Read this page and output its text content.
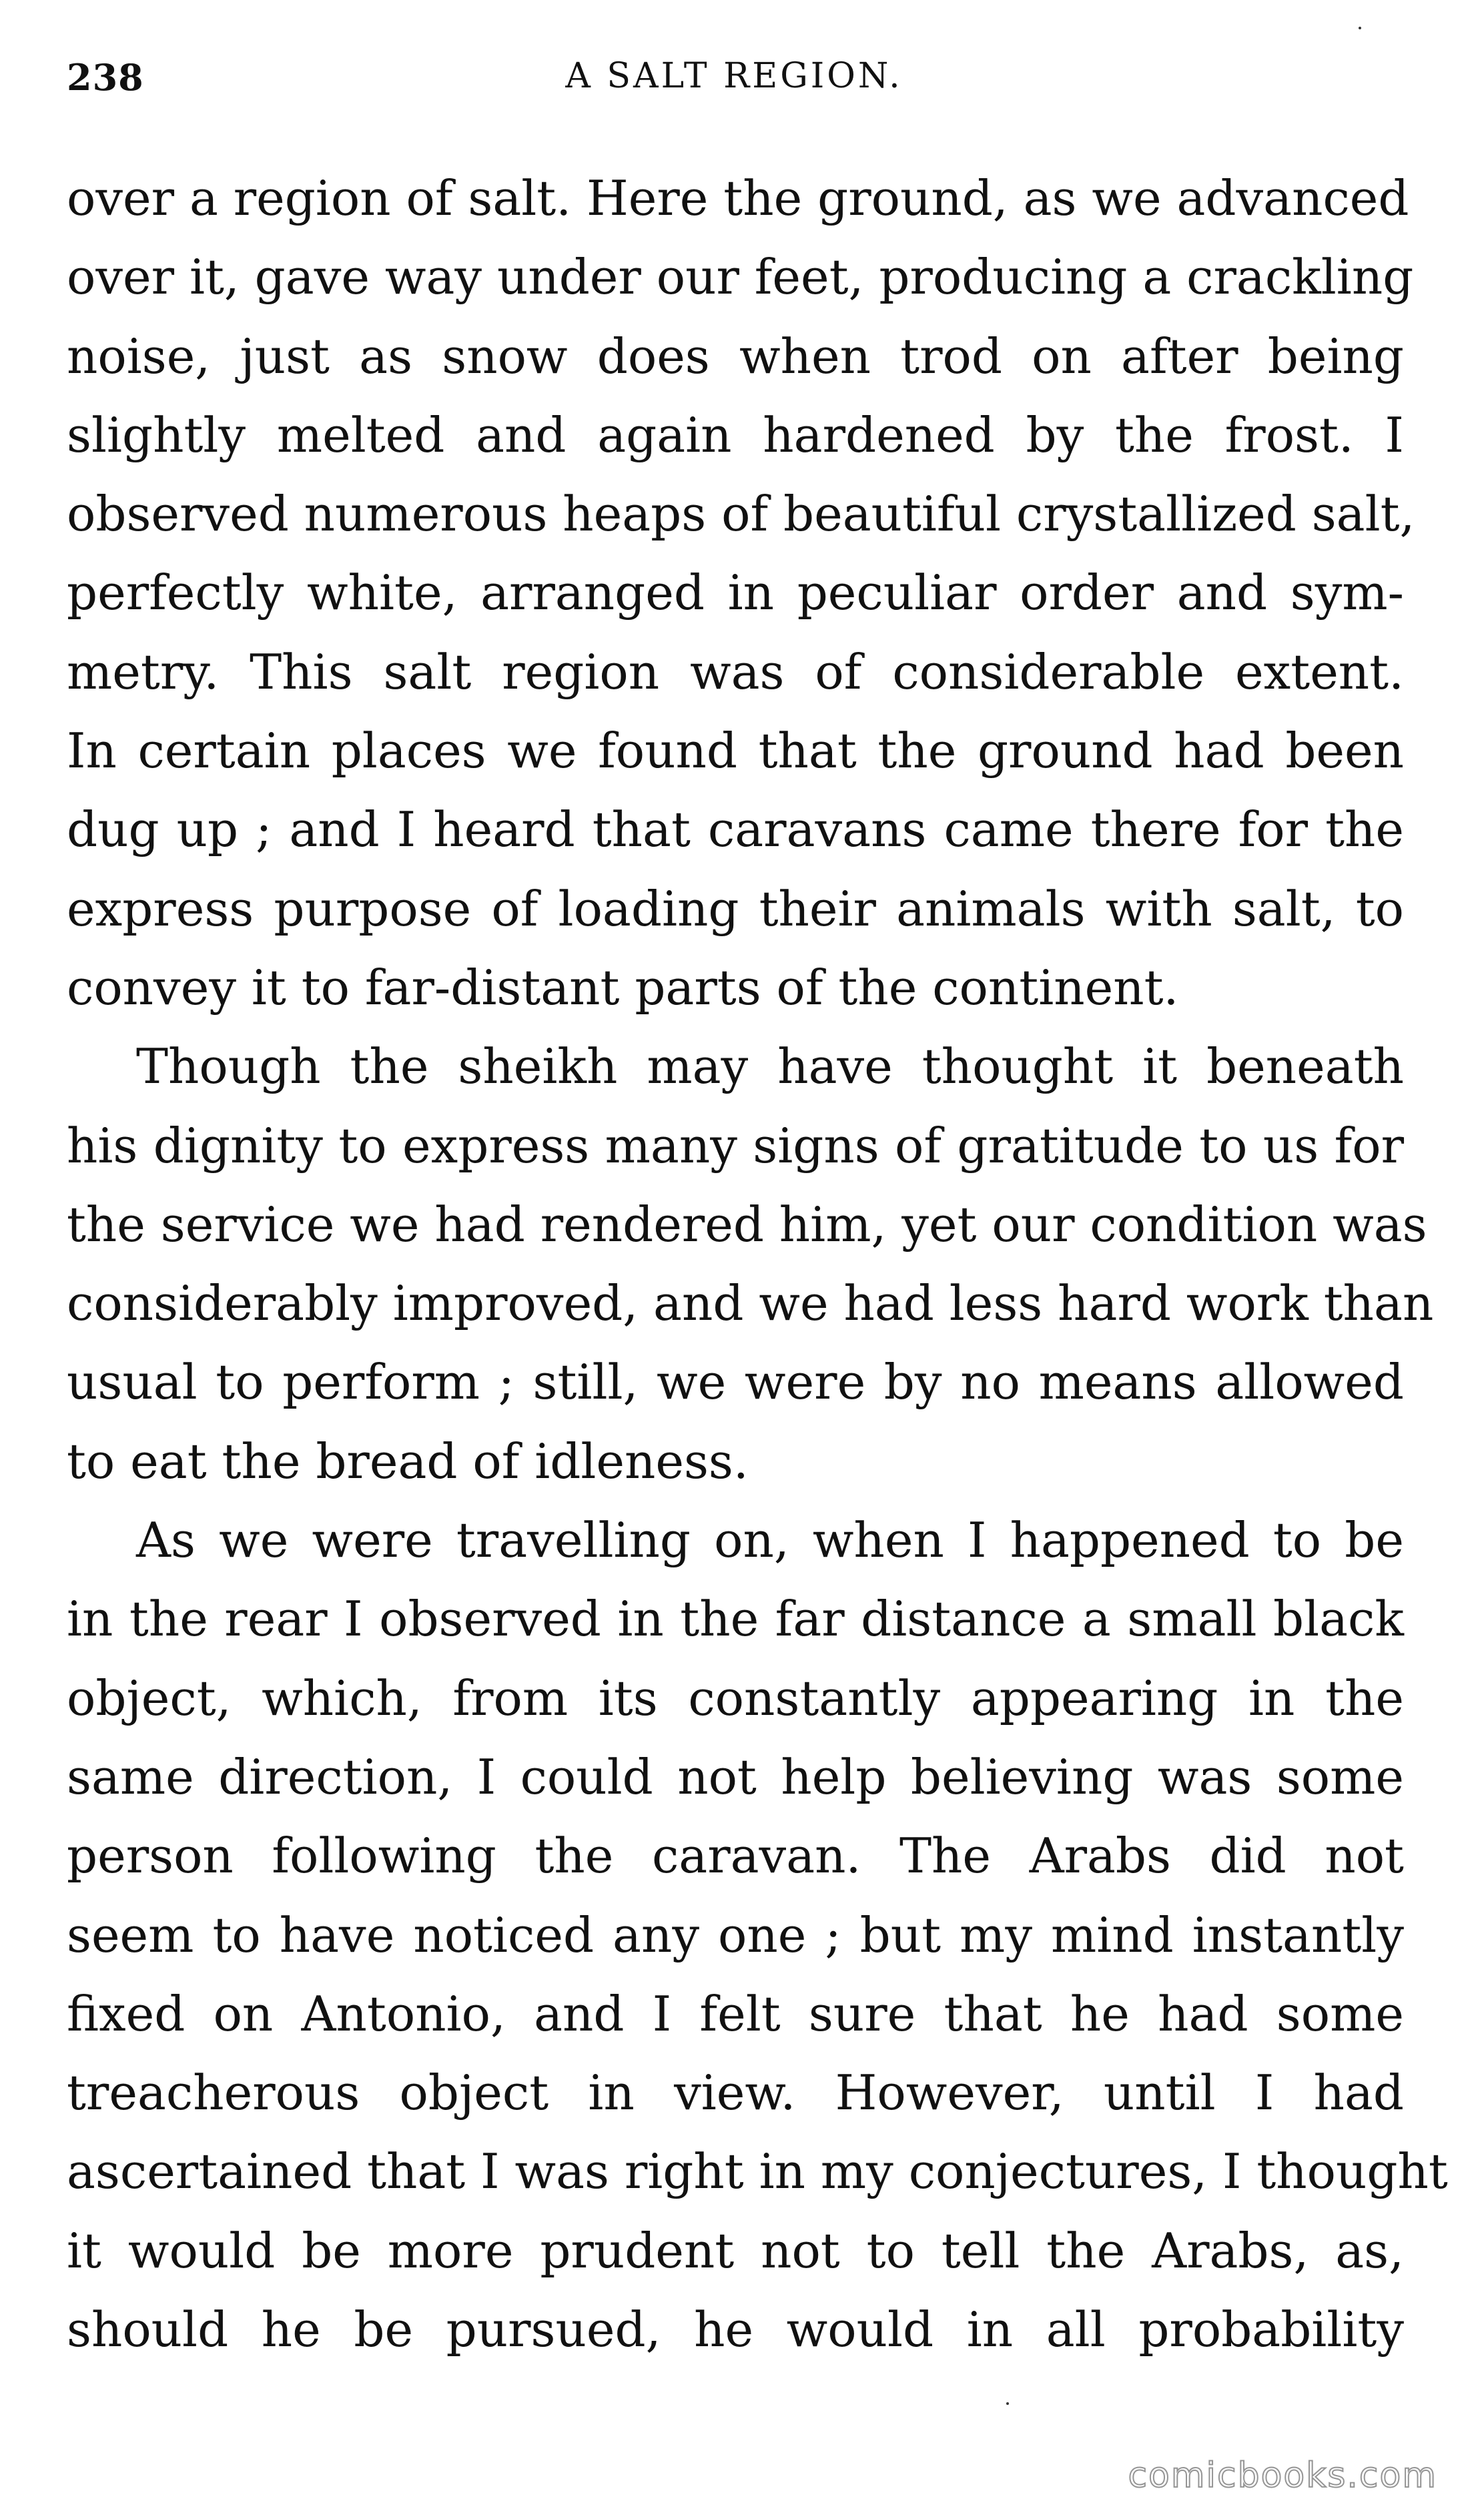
238	A SALT REGION.
over a region of salt. Here the ground, as we advanced
over it, gave way under our feet, producing a crackling
noise, just as snow does when trod on after being
slightly melted and again hardened by the frost. I
observed numerous heaps of beautiful crystallized salt,
perfectly white, arranged in peculiar order and sym-
metry. This salt region was of considerable extent.
In certain places we found that the ground had been
dug up ; and I heard that caravans came there for the
express purpose of loading their animals with salt, to
convey it to far-distant parts of the continent.
Though the sheikh may have thought it beneath
his dignity to express many signs of gratitude to us for
the service we had rendered him, yet our condition was
considerably improved, and we had less hard work than
usual to perform ; still, we were by no means allowed
to eat the bread of idleness.
As we were travelling on, when I happened to be
in the rear I observed in the far distance a small black
object, which, from its constantly appearing in the
same direction, I could not help believing was some
person following the caravan. The Arabs did not
seem to have noticed any one ; but my mind instantly
fixed on Antonio, and I felt sure that he had some
treacherous object in view. However, until I had
ascertained that I was right in my conjectures, I thought
it would be more prudent not to tell the Arabs, as,
should he be pursued, he would in all probability
comicbooks.com
